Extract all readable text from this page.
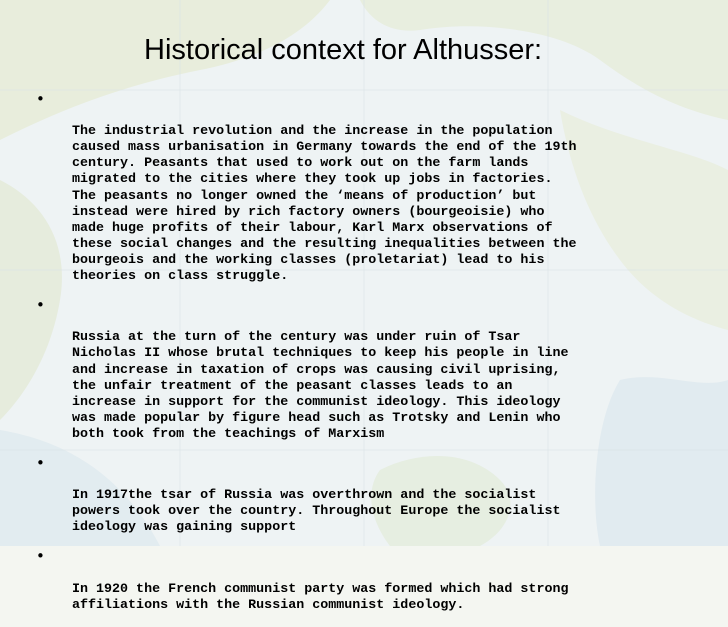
Historical context for Althusser:

•

The industrial revolution and the increase in the population
caused mass urbanisation in Germany towards the end of the 19th
century. Peasants that used to work out on the farm lands
migrated to the cities where they took up jobs in factories.
The peasants no longer owned the ‘means of production’ but
instead were hired by rich factory owners (bourgeoisie) who
made huge profits of their labour, Karl Marx observations of
these social changes and the resulting inequalities between the
bourgeois and the working classes (proletariat) lead to his
theories on class struggle.

•

Russia at the turn of the century was under ruin of Tsar
Nicholas II whose brutal techniques to keep his people in line
and increase in taxation of crops was causing civil uprising,
the unfair treatment of the peasant classes leads to an
increase in support for the communist ideology. This ideology
was made popular by figure head such as Trotsky and Lenin who
both took from the teachings of Marxism

•

In 1917the tsar of Russia was overthrown and the socialist
powers took over the country. Throughout Europe the socialist
ideology was gaining support

•

In 1920 the French communist party was formed which had strong
affiliations with the Russian communist ideology.
